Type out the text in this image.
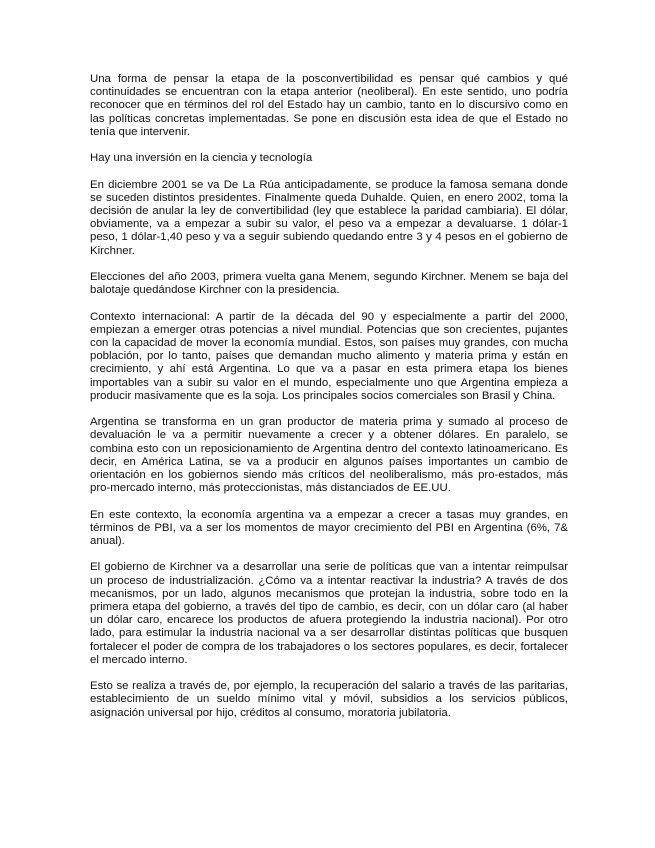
Una forma de pensar la etapa de la posconvertibilidad es pensar qué cambios y qué continuidades se encuentran con la etapa anterior (neoliberal). En este sentido, uno podría reconocer que en términos del rol del Estado hay un cambio, tanto en lo discursivo como en las políticas concretas implementadas. Se pone en discusión esta idea de que el Estado no tenía que intervenir.

Hay una inversión en la ciencia y tecnología

En diciembre 2001 se va De La Rúa anticipadamente, se produce la famosa semana donde se suceden distintos presidentes. Finalmente queda Duhalde. Quien, en enero 2002, toma la decisión de anular la ley de convertibilidad (ley que establece la paridad cambiaria). El dólar, obviamente, va a empezar a subir su valor, el peso va a empezar a devaluarse. 1 dólar-1 peso, 1 dólar-1,40 peso y va a seguir subiendo quedando entre 3 y 4 pesos en el gobierno de Kirchner.

Elecciones del año 2003, primera vuelta gana Menem, segundo Kirchner. Menem se baja del balotaje quedándose Kirchner con la presidencia.

Contexto internacional: A partir de la década del 90 y especialmente a partir del 2000, empiezan a emerger otras potencias a nivel mundial. Potencias que son crecientes, pujantes con la capacidad de mover la economía mundial. Estos, son países muy grandes, con mucha población, por lo tanto, países que demandan mucho alimento y materia prima y están en crecimiento, y ahí está Argentina. Lo que va a pasar en esta primera etapa los bienes importables van a subir su valor en el mundo, especialmente uno que Argentina empieza a producir masivamente que es la soja. Los principales socios comerciales son Brasil y China.

Argentina se transforma en un gran productor de materia prima y sumado al proceso de devaluación le va a permitir nuevamente a crecer y a obtener dólares. En paralelo, se combina esto con un reposicionamiento de Argentina dentro del contexto latinoamericano. Es decir, en América Latina, se va a producir en algunos países importantes un cambio de orientación en los gobiernos siendo más críticos del neoliberalismo, más pro-estados, más pro-mercado interno, más proteccionistas, más distanciados de EE.UU.

En este contexto, la economía argentina va a empezar a crecer a tasas muy grandes, en términos de PBI, va a ser los momentos de mayor crecimiento del PBI en Argentina (6%, 7& anual).

El gobierno de Kirchner va a desarrollar una serie de políticas que van a intentar reimpulsar un proceso de industrialización. ¿Cómo va a intentar reactivar la industria? A través de dos mecanismos, por un lado, algunos mecanismos que protejan la industria, sobre todo en la primera etapa del gobierno, a través del tipo de cambio, es decir, con un dólar caro (al haber un dólar caro, encarece los productos de afuera protegiendo la industria nacional). Por otro lado, para estimular la industria nacional va a ser desarrollar distintas políticas que busquen fortalecer el poder de compra de los trabajadores o los sectores populares, es decir, fortalecer el mercado interno.

Esto se realiza a través de, por ejemplo, la recuperación del salario a través de las paritarias, establecimiento de un sueldo mínimo vital y móvil, subsidios a los servicios públicos, asignación universal por hijo, créditos al consumo, moratoria jubilatoria.
